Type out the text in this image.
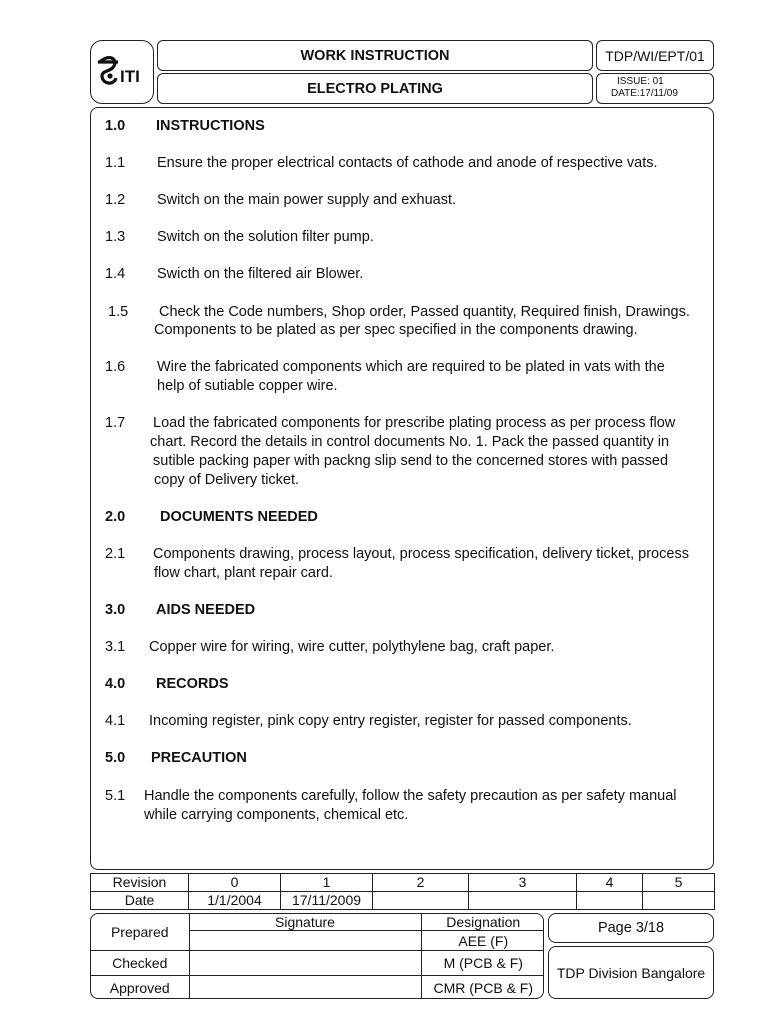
ITI
WORK INSTRUCTION
ELECTRO PLATING
TDP/WI/EPT/01
ISSUE: 01
DATE:17/11/09
1.0 INSTRUCTIONS
1.1 Ensure the proper electrical contacts of cathode and anode of respective vats.
1.2 Switch on the main power supply and exhuast.
1.3 Switch on the solution filter pump.
1.4 Swicth on the filtered air Blower.
1.5 Check the Code numbers, Shop order, Passed quantity, Required finish, Drawings.
Components to be plated as per spec specified in the components drawing.
1.6 Wire the fabricated components which are required to be plated in vats with the
help of sutiable copper wire.
1.7 Load the fabricated components for prescribe plating process as per process flow
chart. Record the details in control documents No. 1. Pack the passed quantity in
sutible packing paper with packng slip send to the concerned stores with passed
copy of Delivery ticket.
2.0 DOCUMENTS NEEDED
2.1 Components drawing, process layout, process specification, delivery ticket, process
flow chart, plant repair card.
3.0 AIDS NEEDED
3.1 Copper wire for wiring, wire cutter, polythylene bag, craft paper.
4.0 RECORDS
4.1 Incoming register, pink copy entry register, register for passed components.
5.0 PRECAUTION
5.1 Handle the components carefully, follow the safety precaution as per safety manual
while carrying components, chemical etc.
Revision	0	1	2	3	4	5
Date	1/1/2004	17/11/2009				
Prepared	Signature	Designation
		AEE (F)
Checked		M (PCB & F)
Approved		CMR (PCB & F)
Page 3/18
TDP Division Bangalore
